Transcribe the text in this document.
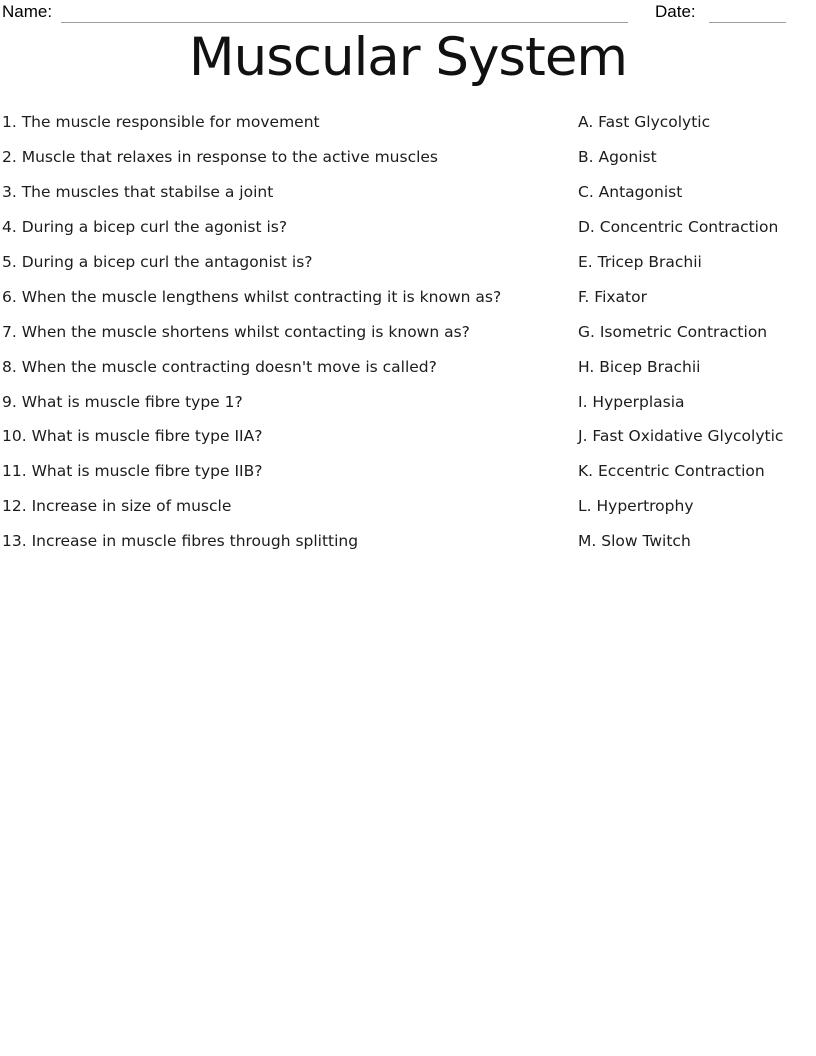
Name:	Date:
Muscular System
1. The muscle responsible for movement
2. Muscle that relaxes in response to the active muscles
3. The muscles that stabilse a joint
4. During a bicep curl the agonist is?
5. During a bicep curl the antagonist is?
6. When the muscle lengthens whilst contracting it is known as?
7. When the muscle shortens whilst contacting is known as?
8. When the muscle contracting doesn't move is called?
9. What is muscle fibre type 1?
10. What is muscle fibre type IIA?
11. What is muscle fibre type IIB?
12. Increase in size of muscle
13. Increase in muscle fibres through splitting
A. Fast Glycolytic
B. Agonist
C. Antagonist
D. Concentric Contraction
E. Tricep Brachii
F. Fixator
G. Isometric Contraction
H. Bicep Brachii
I. Hyperplasia
J. Fast Oxidative Glycolytic
K. Eccentric Contraction
L. Hypertrophy
M. Slow Twitch
